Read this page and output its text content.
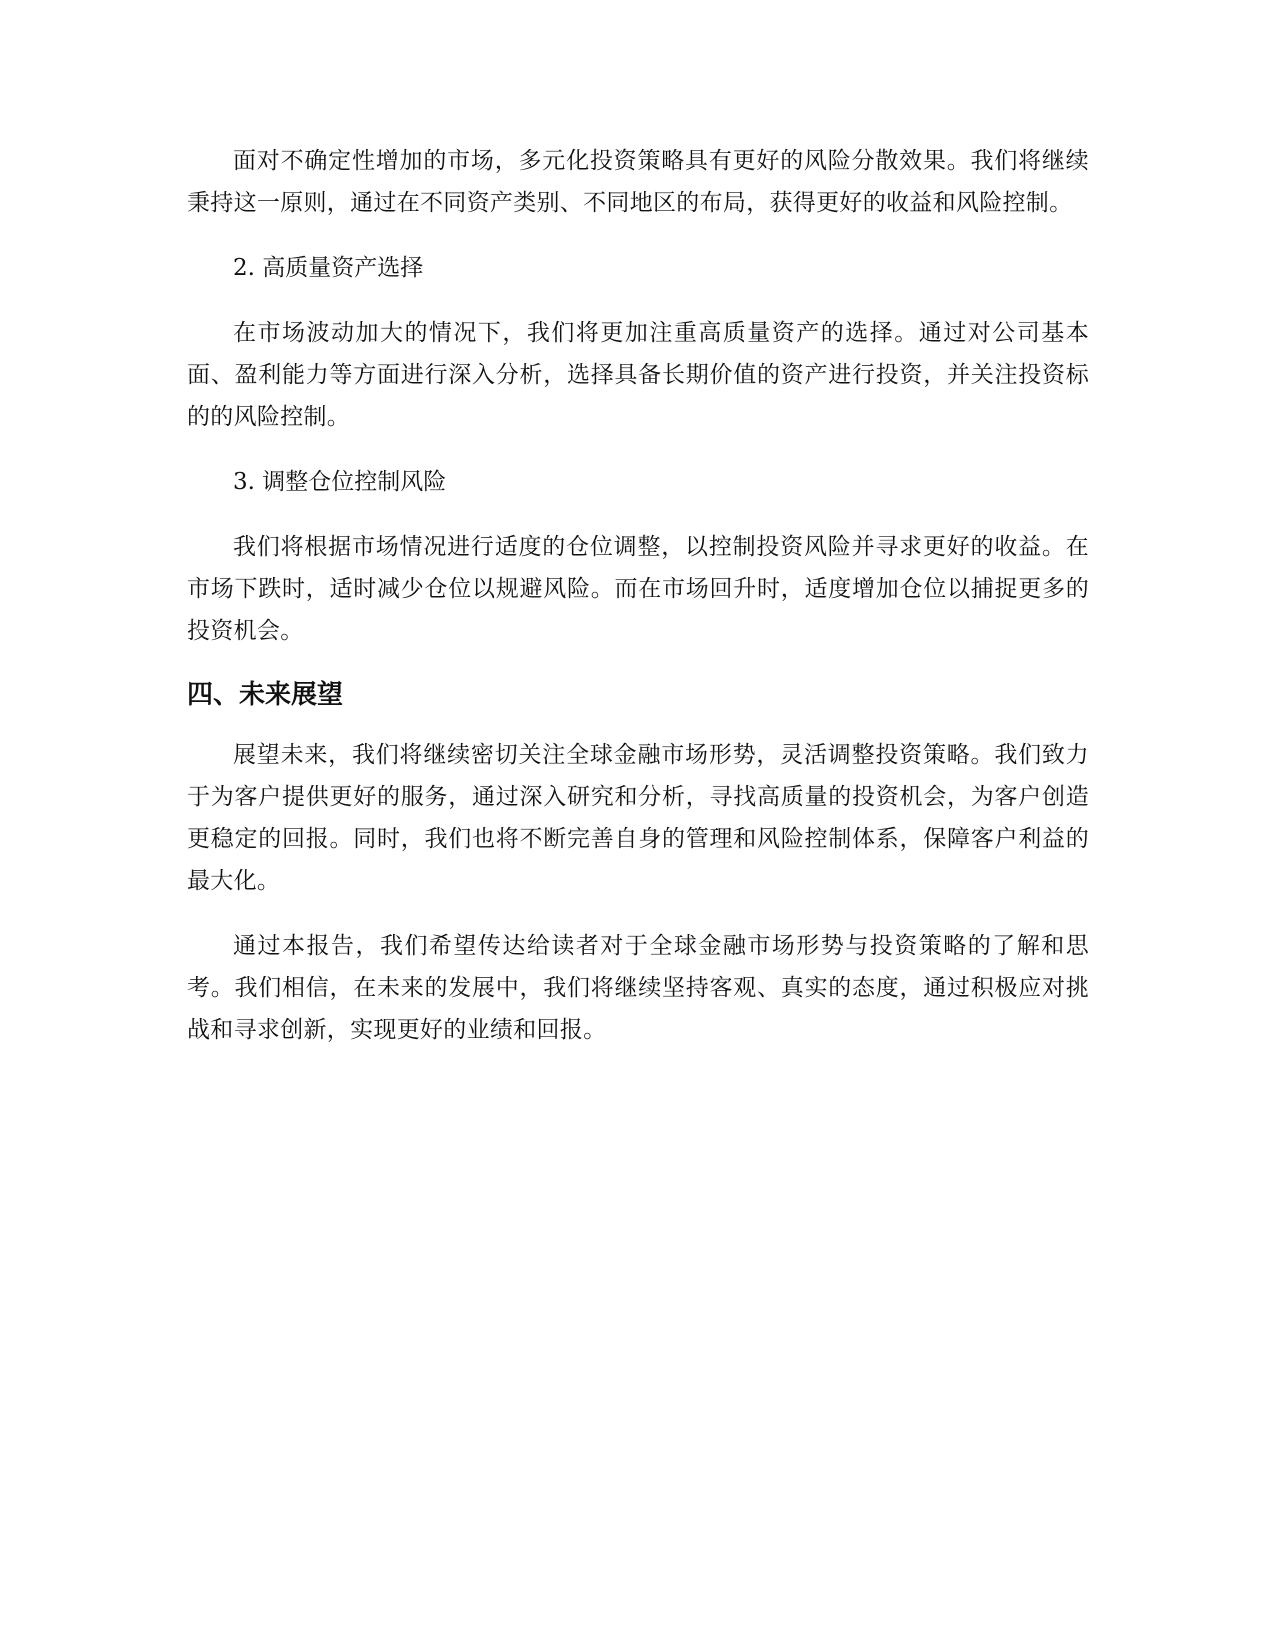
面对不确定性增加的市场，多元化投资策略具有更好的风险分散效果。我们将继续秉持这一原则，通过在不同资产类别、不同地区的布局，获得更好的收益和风险控制。

2. 高质量资产选择

在市场波动加大的情况下，我们将更加注重高质量资产的选择。通过对公司基本面、盈利能力等方面进行深入分析，选择具备长期价值的资产进行投资，并关注投资标的的风险控制。

3. 调整仓位控制风险

我们将根据市场情况进行适度的仓位调整，以控制投资风险并寻求更好的收益。在市场下跌时，适时减少仓位以规避风险。而在市场回升时，适度增加仓位以捕捉更多的投资机会。

四、未来展望

展望未来，我们将继续密切关注全球金融市场形势，灵活调整投资策略。我们致力于为客户提供更好的服务，通过深入研究和分析，寻找高质量的投资机会，为客户创造更稳定的回报。同时，我们也将不断完善自身的管理和风险控制体系，保障客户利益的最大化。

通过本报告，我们希望传达给读者对于全球金融市场形势与投资策略的了解和思考。我们相信，在未来的发展中，我们将继续坚持客观、真实的态度，通过积极应对挑战和寻求创新，实现更好的业绩和回报。
